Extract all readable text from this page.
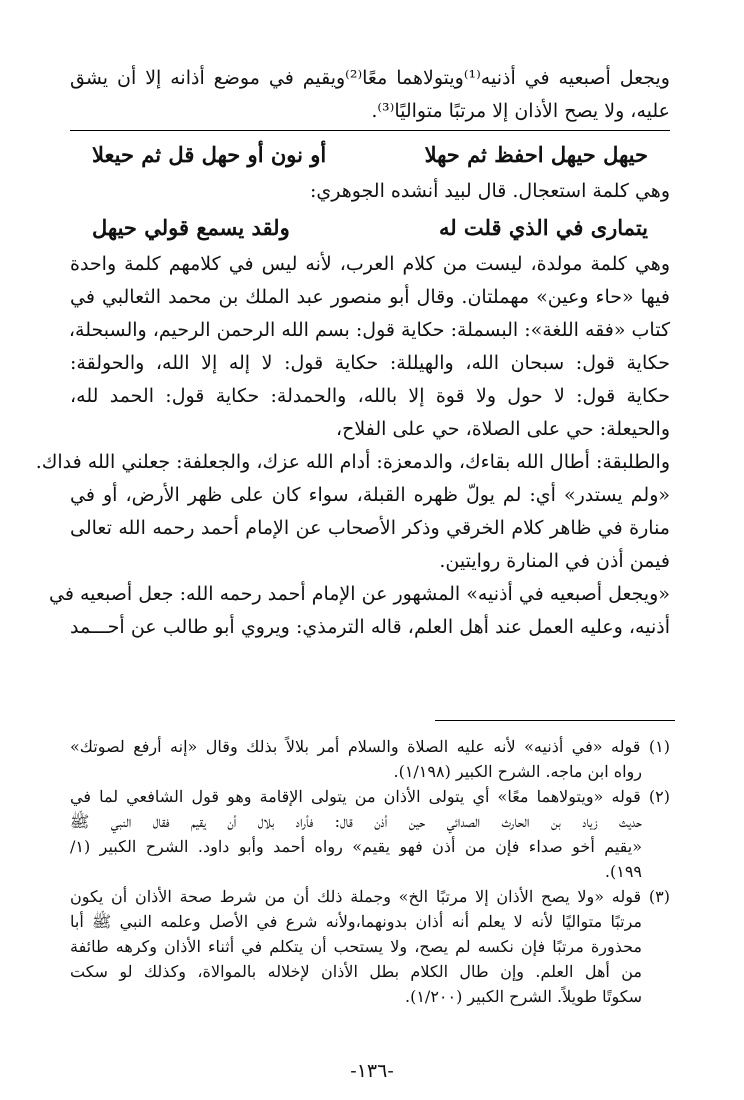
ويجعل أصبعيه في أذنيه⁽¹⁾ويتولاهما معًا⁽²⁾ويقيم في موضع أذانه إلا أن يشق
عليه، ولا يصح الأذان إلا مرتبًا متواليًا⁽³⁾.
حيهل حيهل احفظ ثم حهلا
أو نون أو حهل قل ثم حيعلا
وهي كلمة استعجال. قال لبيد أنشده الجوهري:
يتمارى في الذي قلت له
ولقد يسمع قولي حيهل
وهي كلمة مولدة، ليست من كلام العرب، لأنه ليس في كلامهم كلمة واحدة
فيها «حاء وعين» مهملتان. وقال أبو منصور عبد الملك بن محمد الثعالبي في
كتاب «فقه اللغة»: البسملة: حكاية قول: بسم الله الرحمن الرحيم، والسبحلة،
حكاية قول: سبحان الله، والهيللة: حكاية قول: لا إله إلا الله، والحولقة:
حكاية قول: لا حول ولا قوة إلا بالله، والحمدلة: حكاية قول: الحمد لله،
والحيعلة: حي على الصلاة، حي على الفلاح،
والطلبقة: أطال الله بقاءك، والدمعزة: أدام الله عزك، والجعلفة: جعلني الله فداك.
«ولم يستدر» أي: لم يولّ ظهره القبلة، سواء كان على ظهر الأرض، أو في
منارة في ظاهر كلام الخرقي وذكر الأصحاب عن الإمام أحمد رحمه الله تعالى
فيمن أذن في المنارة روايتين.
«ويجعل أصبعيه في أذنيه» المشهور عن الإمام أحمد رحمه الله: جعل أصبعيه في
أذنيه، وعليه العمل عند أهل العلم، قاله الترمذي: ويروي أبو طالب عن أحـــمد
(١) قوله «في أذنيه» لأنه عليه الصلاة والسلام أمر بلالاً بذلك وقال «إنه أرفع لصوتك»
رواه ابن ماجه. الشرح الكبير (١/١٩٨).
(٢) قوله «ويتولاهما معًا» أي يتولى الأذان من يتولى الإقامة وهو قول الشافعي لما في
حديث زياد بن الحارث الصدائي حين أذن قال: فأراد بلال أن يقيم فقال النبي ﷺ
«يقيم أخو صداء فإن من أذن فهو يقيم» رواه أحمد وأبو داود. الشرح الكبير (١/
١٩٩).
(٣) قوله «ولا يصح الأذان إلا مرتبًا الخ» وجملة ذلك أن من شرط صحة الأذان أن يكون
مرتبًا متواليًا لأنه لا يعلم أنه أذان بدونهما،ولأنه شرع في الأصل وعلمه النبي ﷺ أبا
محذورة مرتبًا فإن نكسه لم يصح، ولا يستحب أن يتكلم في أثناء الأذان وكرهه طائفة
من أهل العلم. وإن طال الكلام بطل الأذان لإخلاله بالموالاة، وكذلك لو سكت
سكوتًا طويلاً. الشرح الكبير (١/٢٠٠).
-١٣٦-
